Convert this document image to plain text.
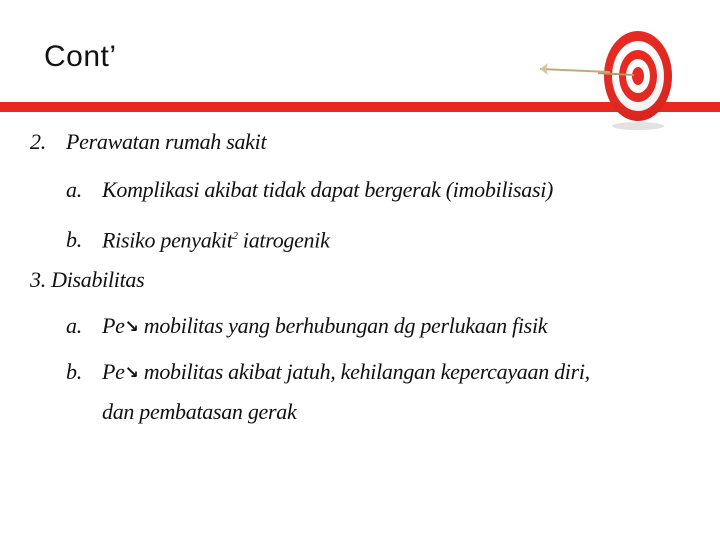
Cont’
2. Perawatan rumah sakit
a. Komplikasi akibat tidak dapat bergerak (imobilisasi)
b. Risiko penyakit$^2$ iatrogenik
3. Disabilitas
a. Pe↘ mobilitas yang berhubungan dg perlukaan fisik
b. Pe↘ mobilitas akibat jatuh, kehilangan kepercayaan diri,
dan pembatasan gerak
